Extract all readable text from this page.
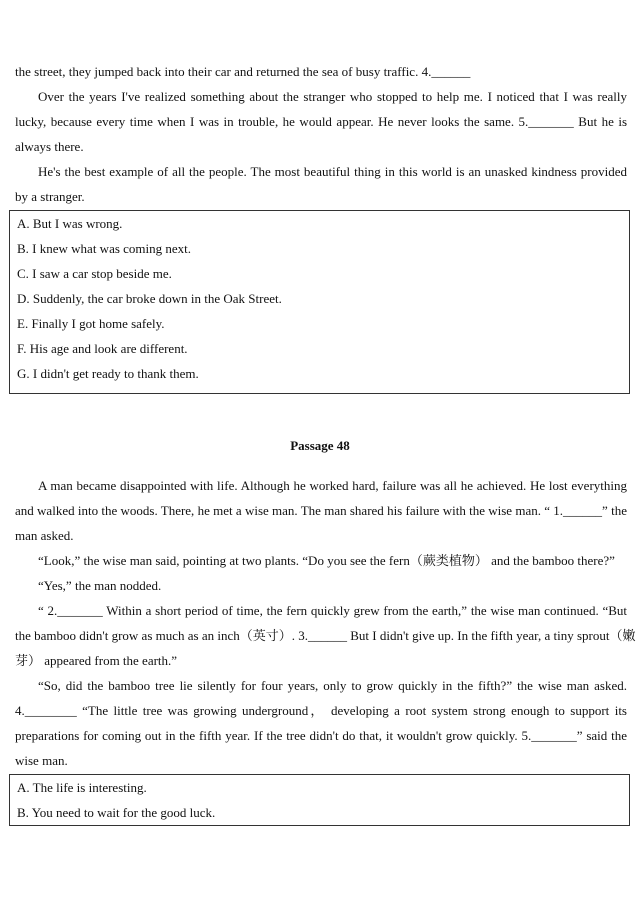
the street, they jumped back into their car and returned the sea of busy traffic. 4.______
Over the years I've realized something about the stranger who stopped to help me. I noticed that I was really
lucky, because every time when I was in trouble, he would appear. He never looks the same. 5._______ But he is
always there.
He's the best example of all the people. The most beautiful thing in this world is an unasked kindness provided
by a stranger.
A. But I was wrong.
B. I knew what was coming next.
C. I saw a car stop beside me.
D. Suddenly, the car broke down in the Oak Street.
E. Finally I got home safely.
F. His age and look are different.
G. I didn't get ready to thank them.
Passage 48
A man became disappointed with life. Although he worked hard, failure was all he achieved. He lost everything
and walked into the woods. There, he met a wise man. The man shared his failure with the wise man. “ 1.______” the
man asked.
“Look,” the wise man said, pointing at two plants. “Do you see the fern（蕨类植物） and the bamboo there?”
“Yes,” the man nodded.
“ 2._______ Within a short period of time, the fern quickly grew from the earth,” the wise man continued. “But
the bamboo didn't grow as much as an inch（英寸）. 3.______ But I didn't give up. In the fifth year, a tiny sprout（嫩
芽） appeared from the earth.”
“So, did the bamboo tree lie silently for four years, only to grow quickly in the fifth?” the wise man asked.
4.________ “The little tree was growing underground， developing a root system strong enough to support its
preparations for coming out in the fifth year. If the tree didn't do that, it wouldn't grow quickly. 5._______” said the
wise man.
A. The life is interesting.
B. You need to wait for the good luck.
